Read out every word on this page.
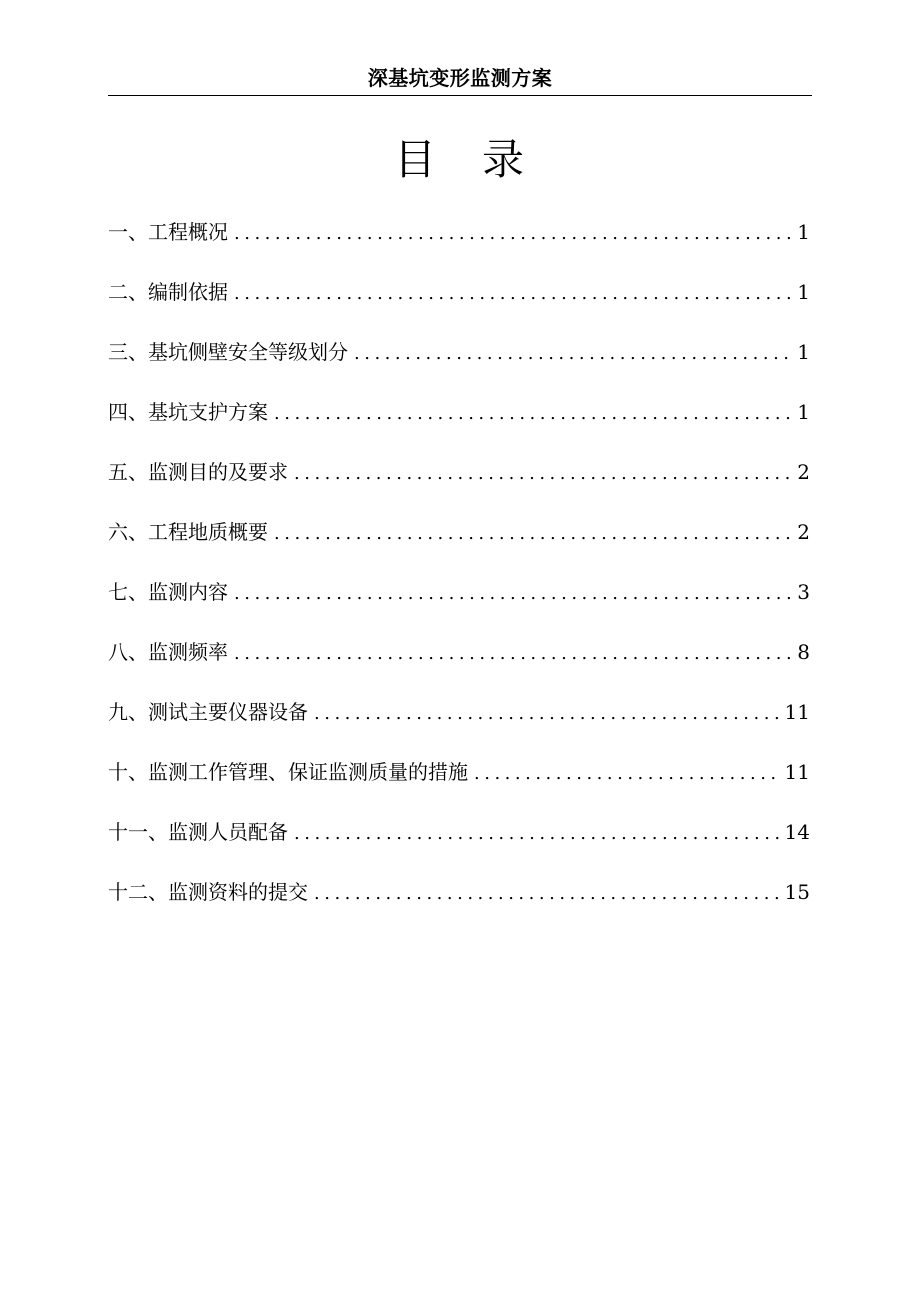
深基坑变形监测方案
目　录
一、工程概况 .....	1
二、编制依据 .....	1
三、基坑侧壁安全等级划分 .....	1
四、基坑支护方案 .....	1
五、监测目的及要求 .....	2
六、工程地质概要 .....	2
七、监测内容 .....	3
八、监测频率 .....	8
九、测试主要仪器设备 .....	11
十、监测工作管理、保证监测质量的措施 .....	11
十一、监测人员配备 .....	14
十二、监测资料的提交 .....	15
